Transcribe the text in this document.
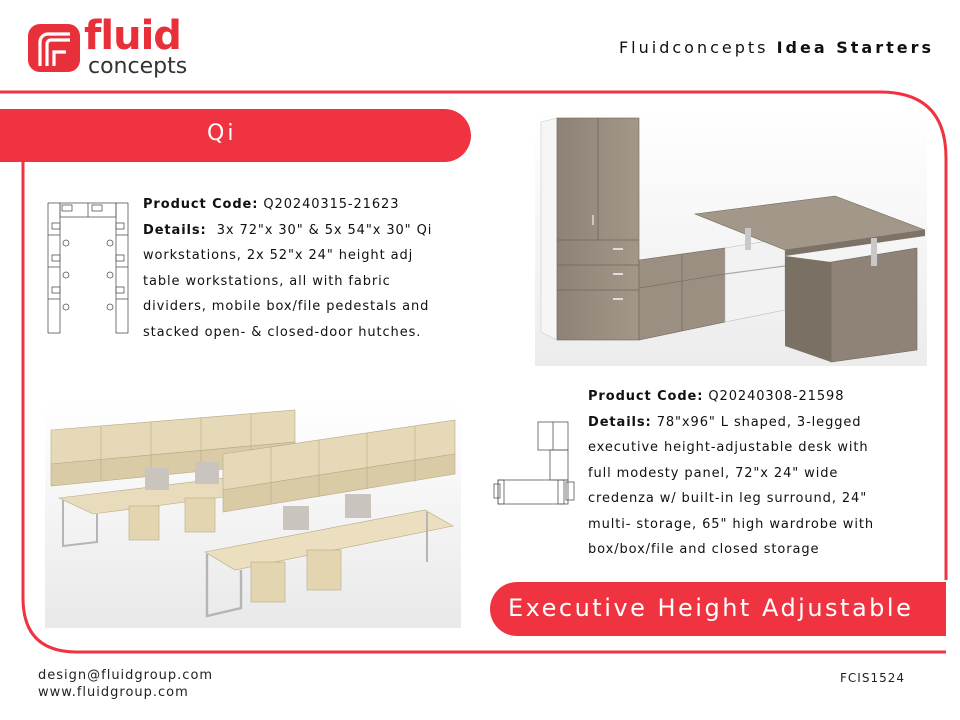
fluid
concepts
Fluidconcepts Idea Starters
Qi
Executive Height Adjustable
Product Code: Q20240315-21623
Details: 3x 72"x 30" & 5x 54"x 30" Qi
workstations, 2x 52"x 24" height adj
table workstations, all with fabric
dividers, mobile box/file pedestals and
stacked open- & closed-door hutches.
Product Code: Q20240308-21598
Details: 78"x96" L shaped, 3-legged
executive height-adjustable desk with
full modesty panel, 72"x 24" wide
credenza w/ built-in leg surround, 24"
multi- storage, 65" high wardrobe with
box/box/file and closed storage
design@fluidgroup.com
www.fluidgroup.com
FCIS1524
